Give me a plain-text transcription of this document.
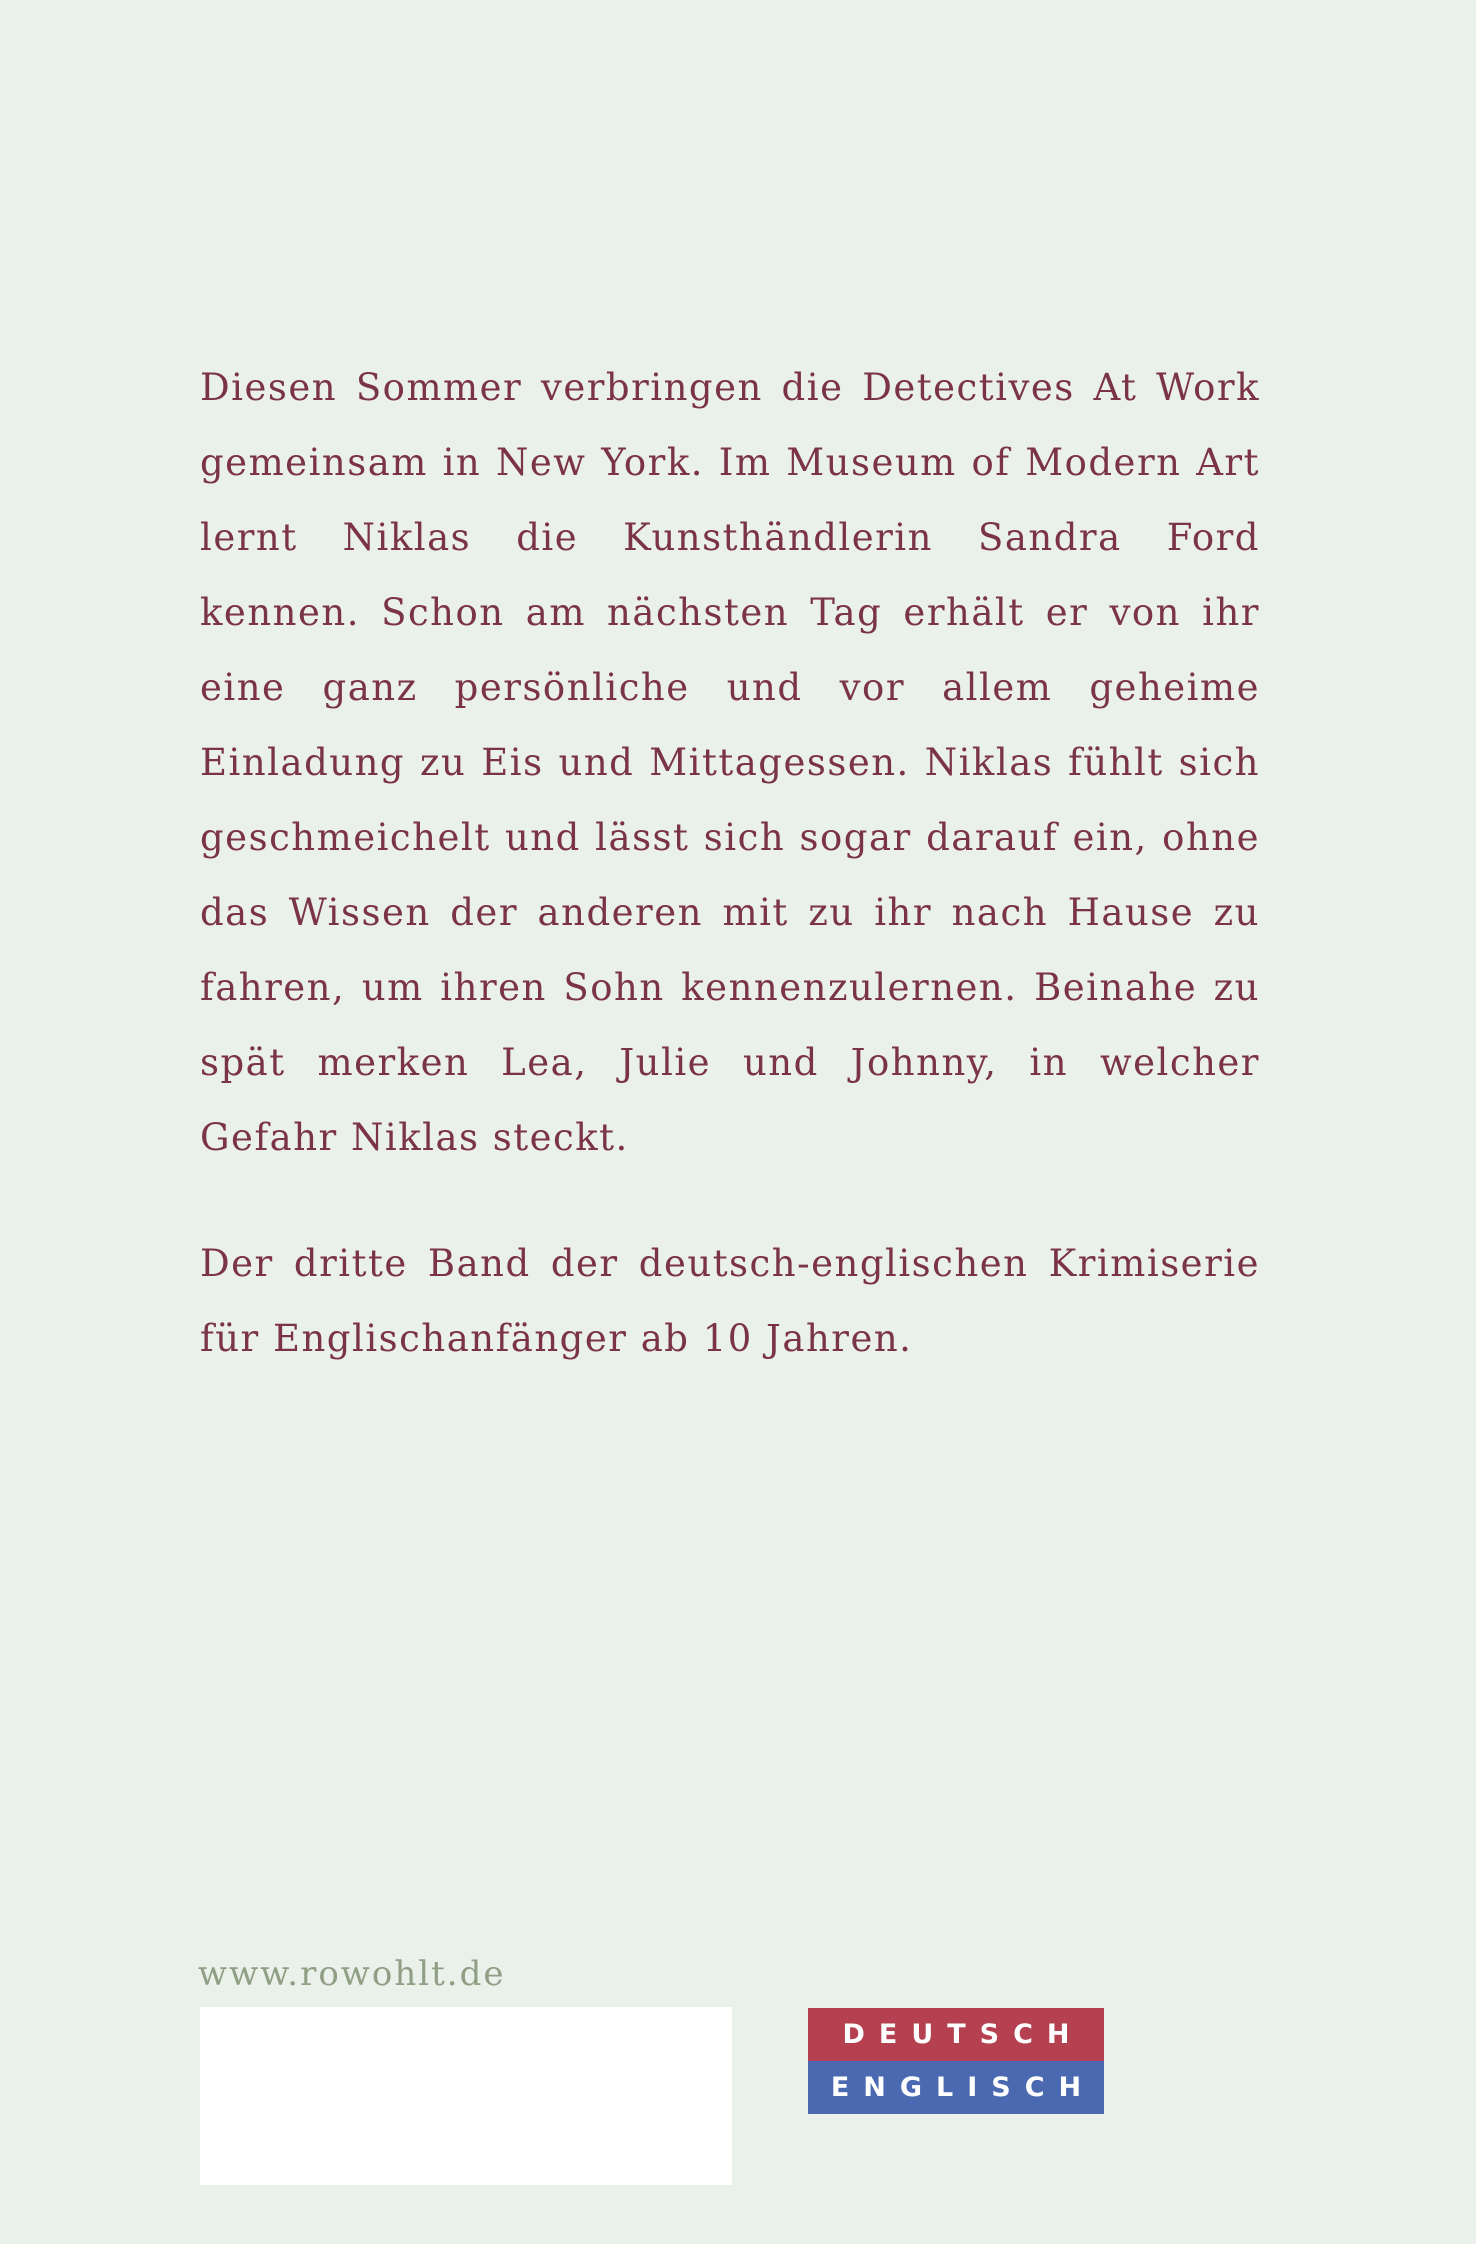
Diesen Sommer verbringen die Detectives At Work gemeinsam in New York. Im Museum of Modern Art lernt Niklas die Kunsthändlerin Sandra Ford kennen. Schon am nächsten Tag erhält er von ihr eine ganz persönliche und vor allem geheime Einladung zu Eis und Mittagessen. Niklas fühlt sich geschmeichelt und lässt sich sogar darauf ein, ohne das Wissen der anderen mit zu ihr nach Hause zu fahren, um ihren Sohn kennenzulernen. Beinahe zu spät merken Lea, Julie und Johnny, in welcher Gefahr Niklas steckt.

Der dritte Band der deutsch-englischen Krimiserie für Englischanfänger ab 10 Jahren.

www.rowohlt.de
DEUTSCH
ENGLISCH
